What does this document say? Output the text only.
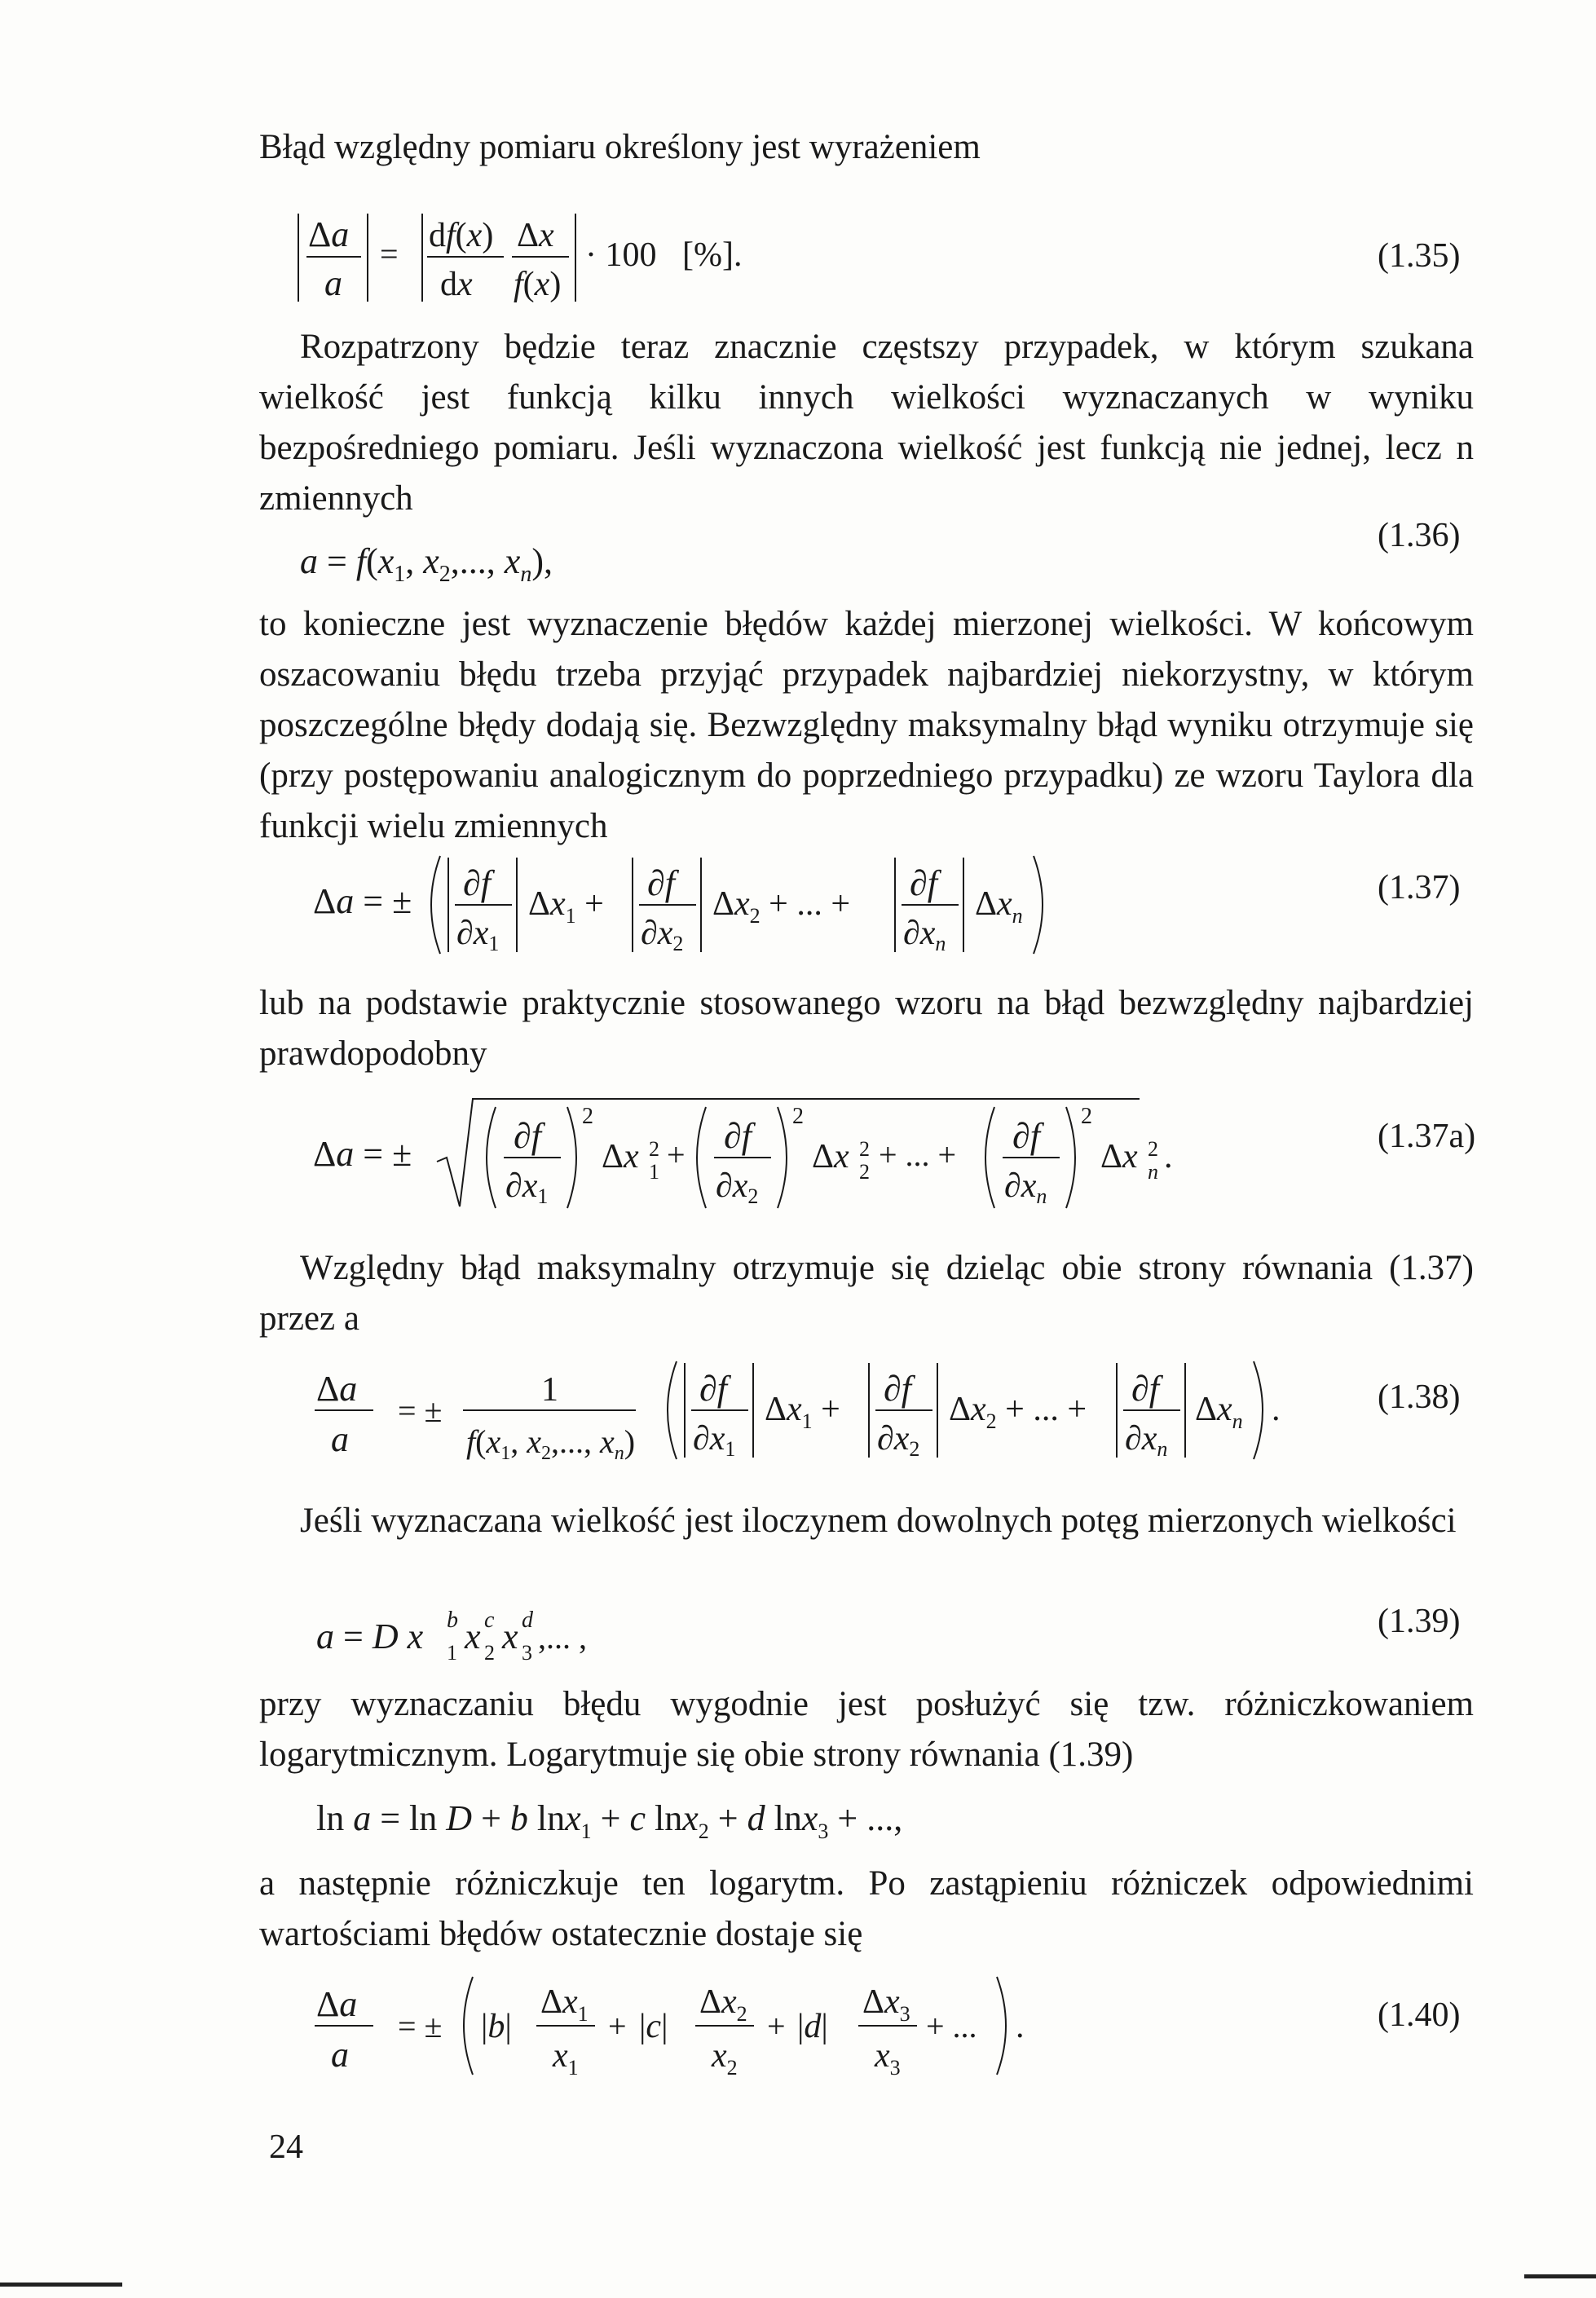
Błąd względny pomiaru określony jest wyrażeniem

Δa
a
= df(x)
dx
Δx
f(x)
· 100   [%].	(1.35)

Rozpatrzony będzie teraz znacznie częstszy przypadek, w którym szukana wielkość jest funkcją kilku innych wielkości wyznaczanych w wyniku bezpośredniego pomiaru. Jeśli wyznaczona wielkość jest funkcją nie jednej, lecz n zmiennych

$a = f(x_1$, $x_2$,..., $x_n$),
(1.36)

to konieczne jest wyznaczenie błędów każdej mierzonej wielkości. W końcowym oszacowaniu błędu trzeba przyjąć przypadek najbardziej niekorzystny, w którym poszczególne błędy dodają się. Bezwzględny maksymalny błąd wyniku otrzymuje się (przy postępowaniu analogicznym do poprzedniego przypadku) ze wzoru Taylora dla funkcji wielu zmiennych

Δa = ± ∂f
∂x1
$\Delta x_1$ +
∂f
∂x2
$\Delta x_2$ + ... +
∂f
∂xn
$\Delta x_n$
(1.37)

lub na podstawie praktycznie stosowanego wzoru na błąd bezwzględny najbardziej prawdopodobny

Δa = ±	∂f
∂x1
2
Δx 2
1 + ∂f
∂x2
2
Δx 2
2 + ... + ∂f
∂xn
2
Δx 2
n .
(1.37a)

Względny błąd maksymalny otrzymuje się dzieląc obie strony równania (1.37) przez a

Δa
a
= ±
1
$f(x_1$, $x_2$,..., $x_n$)
∂f
∂x1
$\Delta x_1$ +
∂f
∂x2
$\Delta x_2$ + ... +
∂f
∂xn
$\Delta x_n$ .	(1.38)

Jeśli wyznaczana wielkość jest iloczynem dowolnych potęg mierzonych wielkości

a = D x b
1 x c
2 x d
3 ,... ,	(1.39)

przy wyznaczaniu błędu wygodnie jest posłużyć się tzw. różniczkowaniem logarytmicznym. Logarytmuje się obie strony równania (1.39)

ln a = ln D + b lnx$_1$ + c lnx$_2$ + d lnx$_3$ + ...,

a następnie różniczkuje ten logarytm. Po zastąpieniu różniczek odpowiednimi wartościami błędów ostatecznie dostaje się

Δa
a
= ± |b|
$\Delta x_1$
$x_1$
+ |c|
$\Delta x_2$
$x_2$
+ |d|
$\Delta x_3$
$x_3$
+ ... .	(1.40)
24
